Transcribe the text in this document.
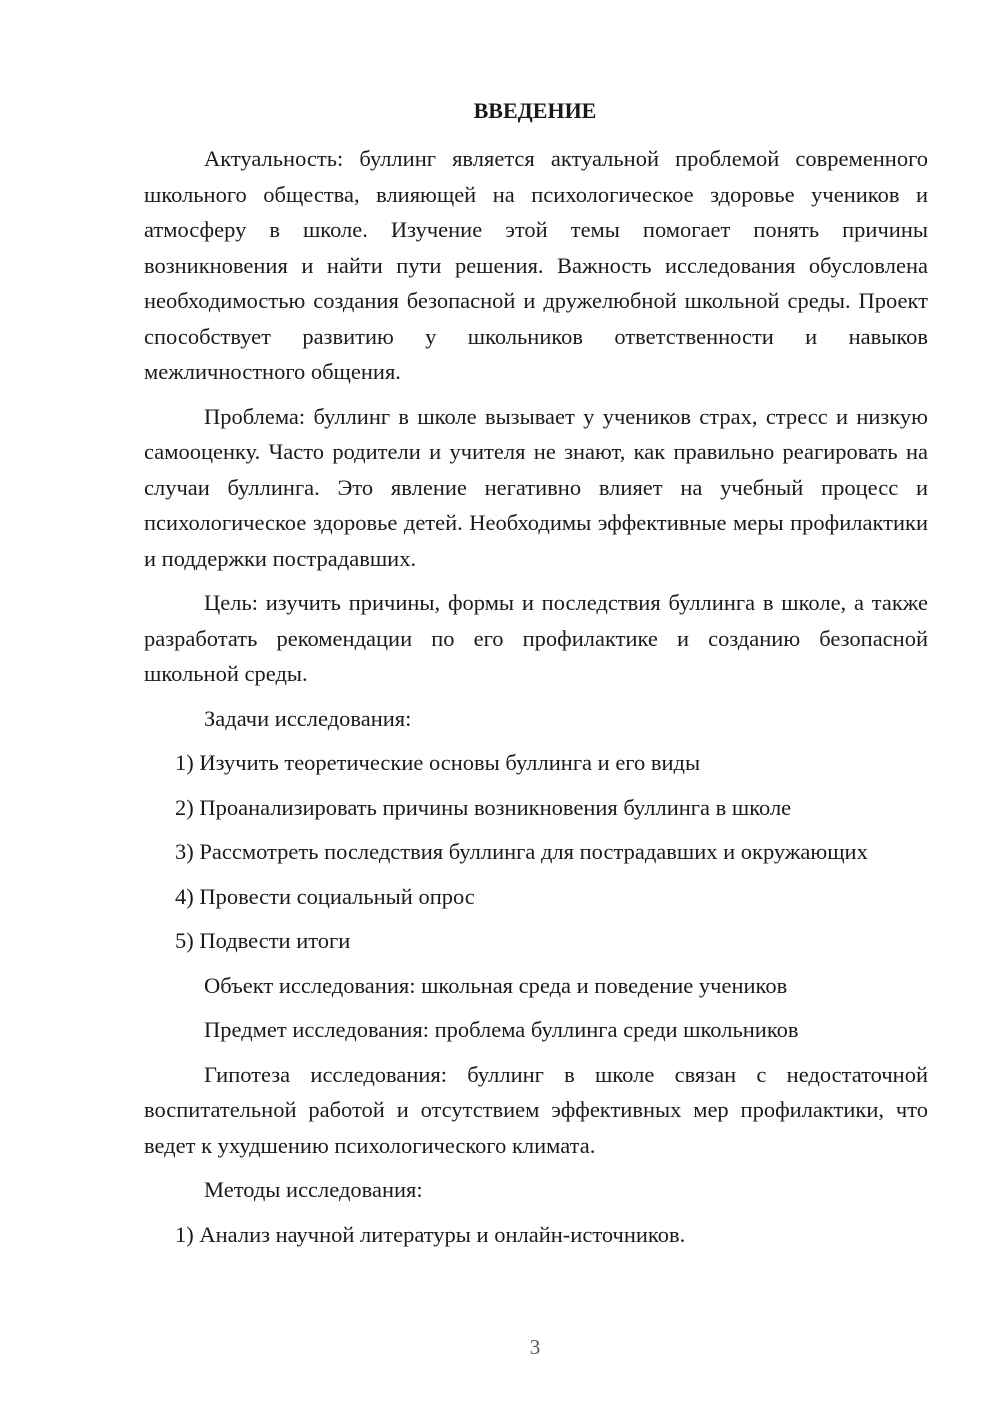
ВВЕДЕНИЕ

Актуальность: буллинг является актуальной проблемой современного школьного общества, влияющей на психологическое здоровье учеников и атмосферу в школе. Изучение этой темы помогает понять причины возникновения и найти пути решения. Важность исследования обусловлена необходимостью создания безопасной и дружелюбной школьной среды. Проект способствует развитию у школьников ответственности и навыков межличностного общения.

Проблема: буллинг в школе вызывает у учеников страх, стресс и низкую самооценку. Часто родители и учителя не знают, как правильно реагировать на случаи буллинга. Это явление негативно влияет на учебный процесс и психологическое здоровье детей. Необходимы эффективные меры профилактики и поддержки пострадавших.

Цель: изучить причины, формы и последствия буллинга в школе, а также разработать рекомендации по его профилактике и созданию безопасной школьной среды.

Задачи исследования:

1) Изучить теоретические основы буллинга и его виды

2) Проанализировать причины возникновения буллинга в школе

3) Рассмотреть последствия буллинга для пострадавших и окружающих

4) Провести социальный опрос

5) Подвести итоги

Объект исследования: школьная среда и поведение учеников

Предмет исследования: проблема буллинга среди школьников

Гипотеза исследования: буллинг в школе связан с недостаточной воспитательной работой и отсутствием эффективных мер профилактики, что ведет к ухудшению психологического климата.

Методы исследования:

1) Анализ научной литературы и онлайн-источников.

3
